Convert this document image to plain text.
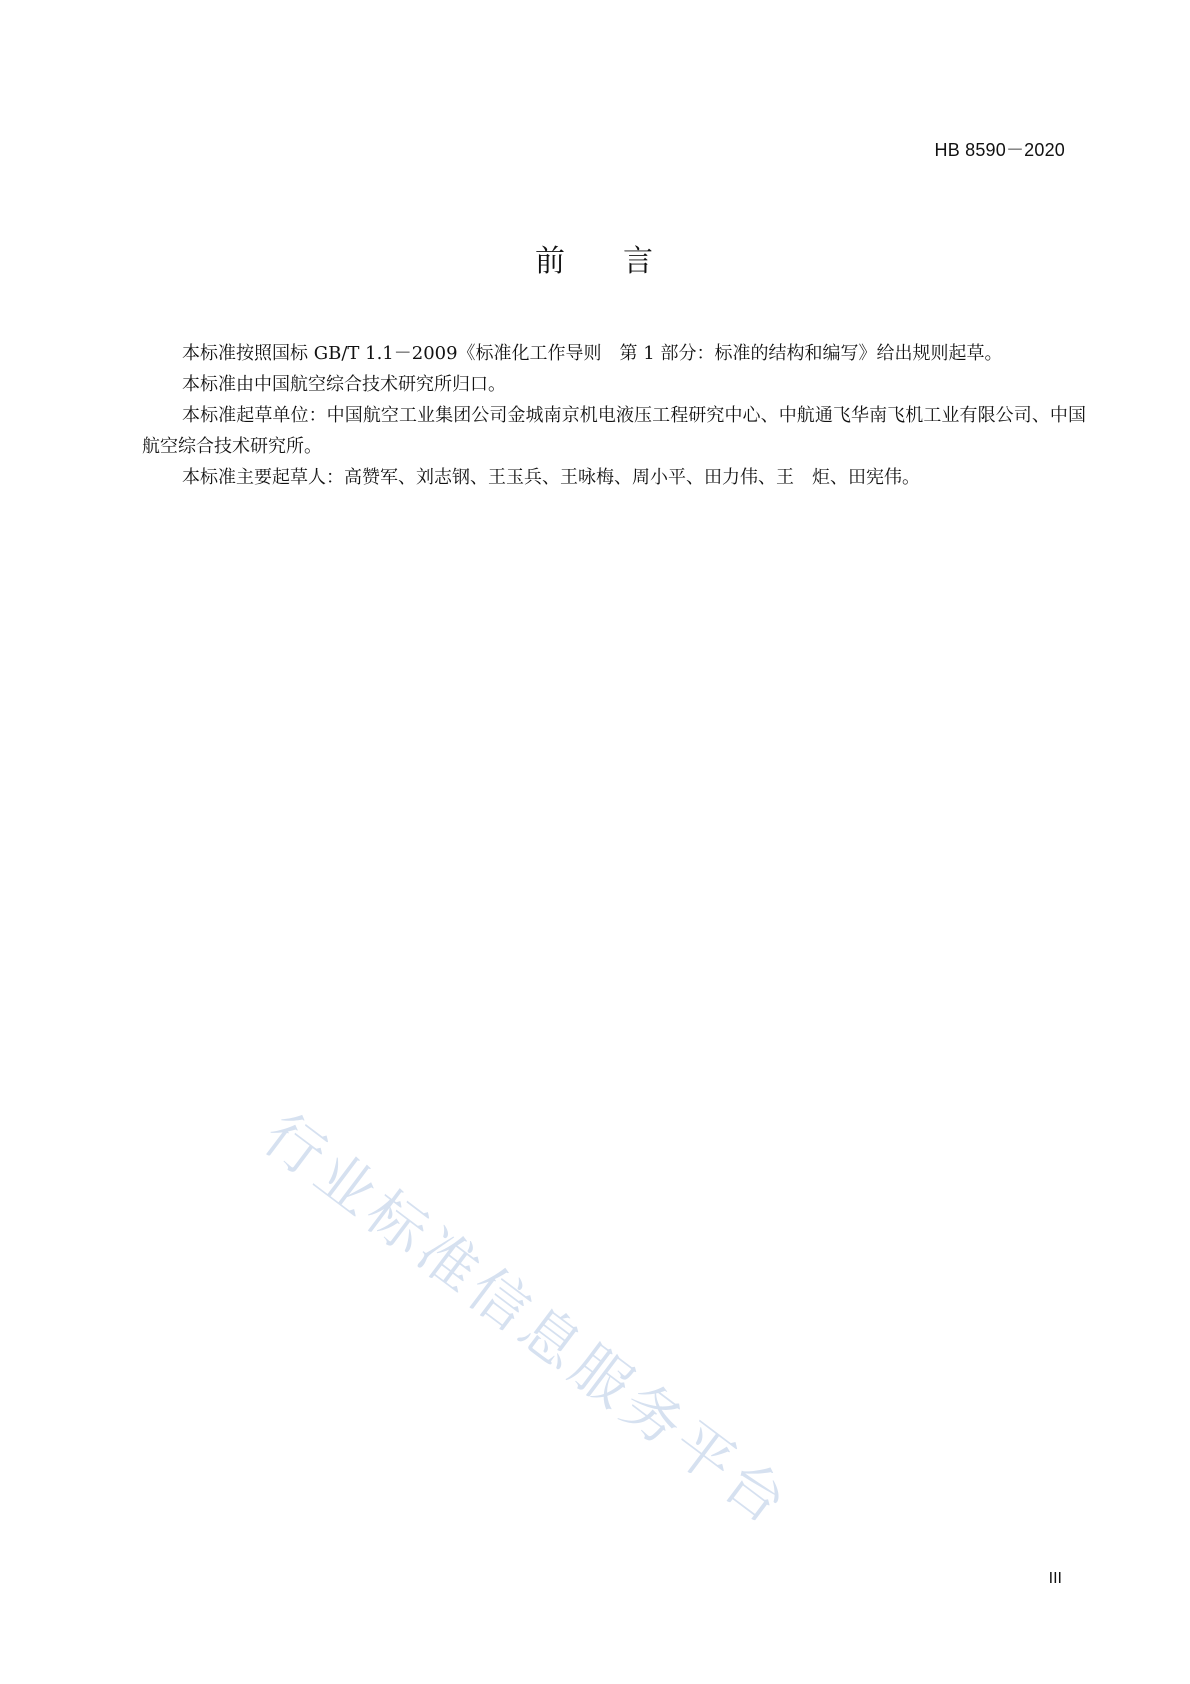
HB 8590－2020
前 言

本标准按照国标 GB/T 1.1－2009《标准化工作导则　第 1 部分：标准的结构和编写》给出规则起草。

本标准由中国航空综合技术研究所归口。

本标准起草单位：中国航空工业集团公司金城南京机电液压工程研究中心、中航通飞华南飞机工业有限公司、中国航空综合技术研究所。

本标准主要起草人：高赞军、刘志钢、王玉兵、王咏梅、周小平、田力伟、王　炬、田宪伟。

行业标准信息服务平台
III
